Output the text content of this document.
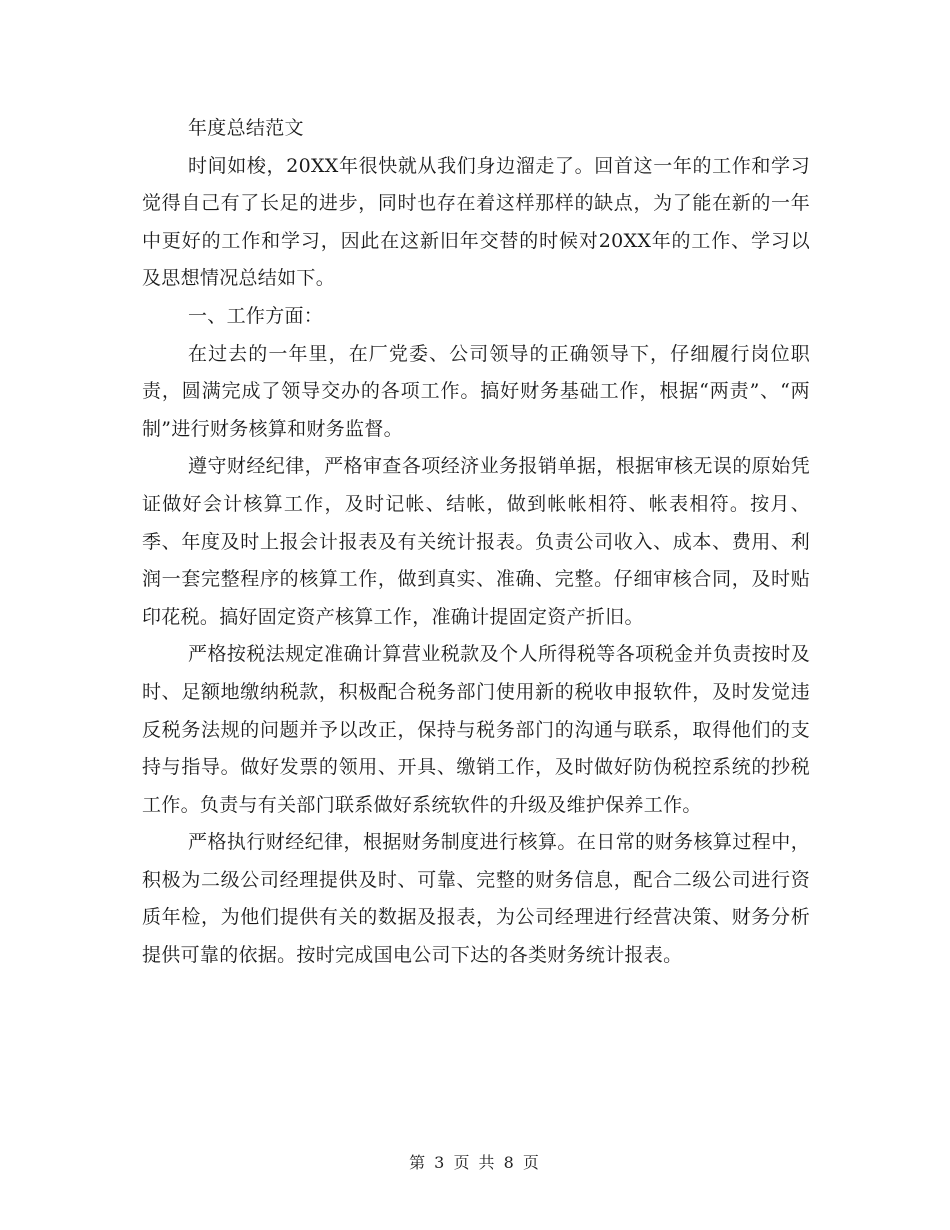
年度总结范文

时间如梭，20XX年很快就从我们身边溜走了。回首这一年的工作和学习觉得自己有了长足的进步，同时也存在着这样那样的缺点，为了能在新的一年中更好的工作和学习，因此在这新旧年交替的时候对20XX年的工作、学习以及思想情况总结如下。

一、工作方面：

在过去的一年里，在厂党委、公司领导的正确领导下，仔细履行岗位职责，圆满完成了领导交办的各项工作。搞好财务基础工作，根据“两责”、“两制”进行财务核算和财务监督。

遵守财经纪律，严格审查各项经济业务报销单据，根据审核无误的原始凭证做好会计核算工作，及时记帐、结帐，做到帐帐相符、帐表相符。按月、季、年度及时上报会计报表及有关统计报表。负责公司收入、成本、费用、利润一套完整程序的核算工作，做到真实、准确、完整。仔细审核合同，及时贴印花税。搞好固定资产核算工作，准确计提固定资产折旧。

严格按税法规定准确计算营业税款及个人所得税等各项税金并负责按时及时、足额地缴纳税款，积极配合税务部门使用新的税收申报软件，及时发觉违反税务法规的问题并予以改正，保持与税务部门的沟通与联系，取得他们的支持与指导。做好发票的领用、开具、缴销工作，及时做好防伪税控系统的抄税工作。负责与有关部门联系做好系统软件的升级及维护保养工作。

严格执行财经纪律，根据财务制度进行核算。在日常的财务核算过程中，积极为二级公司经理提供及时、可靠、完整的财务信息，配合二级公司进行资质年检，为他们提供有关的数据及报表，为公司经理进行经营决策、财务分析提供可靠的依据。按时完成国电公司下达的各类财务统计报表。

第 3 页 共 8 页
